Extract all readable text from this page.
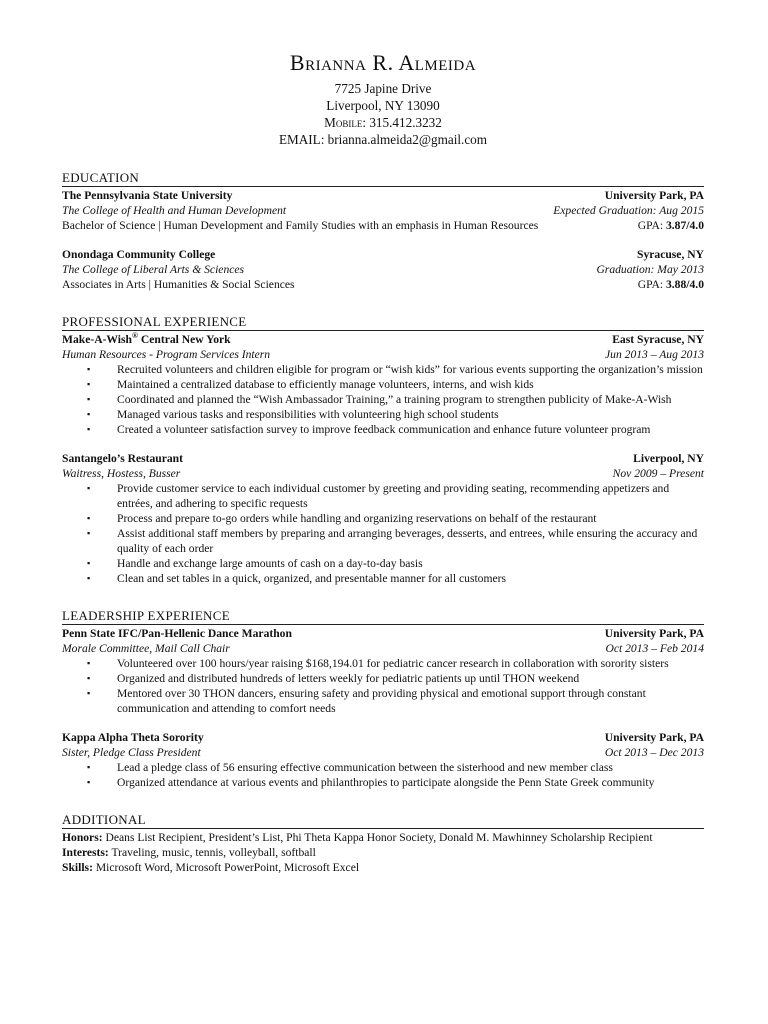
Brianna R. Almeida
7725 Japine Drive
Liverpool, NY 13090
Mobile: 315.412.3232
EMAIL: brianna.almeida2@gmail.com
EDUCATION
The Pennsylvania State University	University Park, PA
The College of Health and Human Development	Expected Graduation: Aug 2015
Bachelor of Science | Human Development and Family Studies with an emphasis in Human Resources	GPA: 3.87/4.0
Onondaga Community College	Syracuse, NY
The College of Liberal Arts & Sciences	Graduation: May 2013
Associates in Arts | Humanities & Social Sciences	GPA: 3.88/4.0
PROFESSIONAL EXPERIENCE
Make-A-Wish® Central New York	East Syracuse, NY
Human Resources - Program Services Intern	Jun 2013 – Aug 2013
▪ Recruited volunteers and children eligible for program or “wish kids” for various events supporting the organization’s mission
▪ Maintained a centralized database to efficiently manage volunteers, interns, and wish kids
▪ Coordinated and planned the “Wish Ambassador Training,” a training program to strengthen publicity of Make-A-Wish
▪ Managed various tasks and responsibilities with volunteering high school students
▪ Created a volunteer satisfaction survey to improve feedback communication and enhance future volunteer program
Santangelo’s Restaurant	Liverpool, NY
Waitress, Hostess, Busser	Nov 2009 – Present
▪ Provide customer service to each individual customer by greeting and providing seating, recommending appetizers and entrées, and adhering to specific requests
▪ Process and prepare to-go orders while handling and organizing reservations on behalf of the restaurant
▪ Assist additional staff members by preparing and arranging beverages, desserts, and entrees, while ensuring the accuracy and quality of each order
▪ Handle and exchange large amounts of cash on a day-to-day basis
▪ Clean and set tables in a quick, organized, and presentable manner for all customers
LEADERSHIP EXPERIENCE
Penn State IFC/Pan-Hellenic Dance Marathon	University Park, PA
Morale Committee, Mail Call Chair	Oct 2013 – Feb 2014
▪ Volunteered over 100 hours/year raising $168,194.01 for pediatric cancer research in collaboration with sorority sisters
▪ Organized and distributed hundreds of letters weekly for pediatric patients up until THON weekend
▪ Mentored over 30 THON dancers, ensuring safety and providing physical and emotional support through constant communication and attending to comfort needs
Kappa Alpha Theta Sorority	University Park, PA
Sister, Pledge Class President	Oct 2013 – Dec 2013
▪ Lead a pledge class of 56 ensuring effective communication between the sisterhood and new member class
▪ Organized attendance at various events and philanthropies to participate alongside the Penn State Greek community
ADDITIONAL
Honors: Deans List Recipient, President’s List, Phi Theta Kappa Honor Society, Donald M. Mawhinney Scholarship Recipient
Interests: Traveling, music, tennis, volleyball, softball
Skills: Microsoft Word, Microsoft PowerPoint, Microsoft Excel
